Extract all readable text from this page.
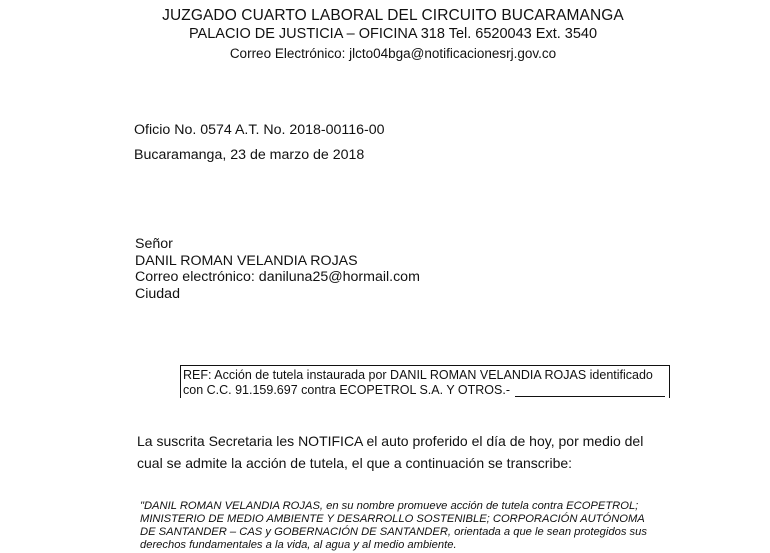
JUZGADO CUARTO LABORAL DEL CIRCUITO BUCARAMANGA
PALACIO DE JUSTICIA – OFICINA 318 Tel. 6520043 Ext. 3540
Correo Electrónico: jlcto04bga@notificacionesrj.gov.co
Oficio No. 0574 A.T. No. 2018-00116-00
Bucaramanga, 23 de marzo de 2018
Señor
DANIL ROMAN VELANDIA ROJAS
Correo electrónico: daniluna25@hormail.com
Ciudad
REF: Acción de tutela instaurada por DANIL ROMAN VELANDIA ROJAS identificado
con C.C. 91.159.697 contra ECOPETROL S.A. Y OTROS.-
La suscrita Secretaria les NOTIFICA el auto proferido el día de hoy, por medio del
cual se admite la acción de tutela, el que a continuación se transcribe:
"DANIL ROMAN VELANDIA ROJAS, en su nombre promueve acción de tutela contra ECOPETROL;
MINISTERIO DE MEDIO AMBIENTE Y DESARROLLO SOSTENIBLE; CORPORACIÓN AUTÓNOMA
DE SANTANDER – CAS y GOBERNACIÓN DE SANTANDER, orientada a que le sean protegidos sus
derechos fundamentales a la vida, al agua y al medio ambiente.
